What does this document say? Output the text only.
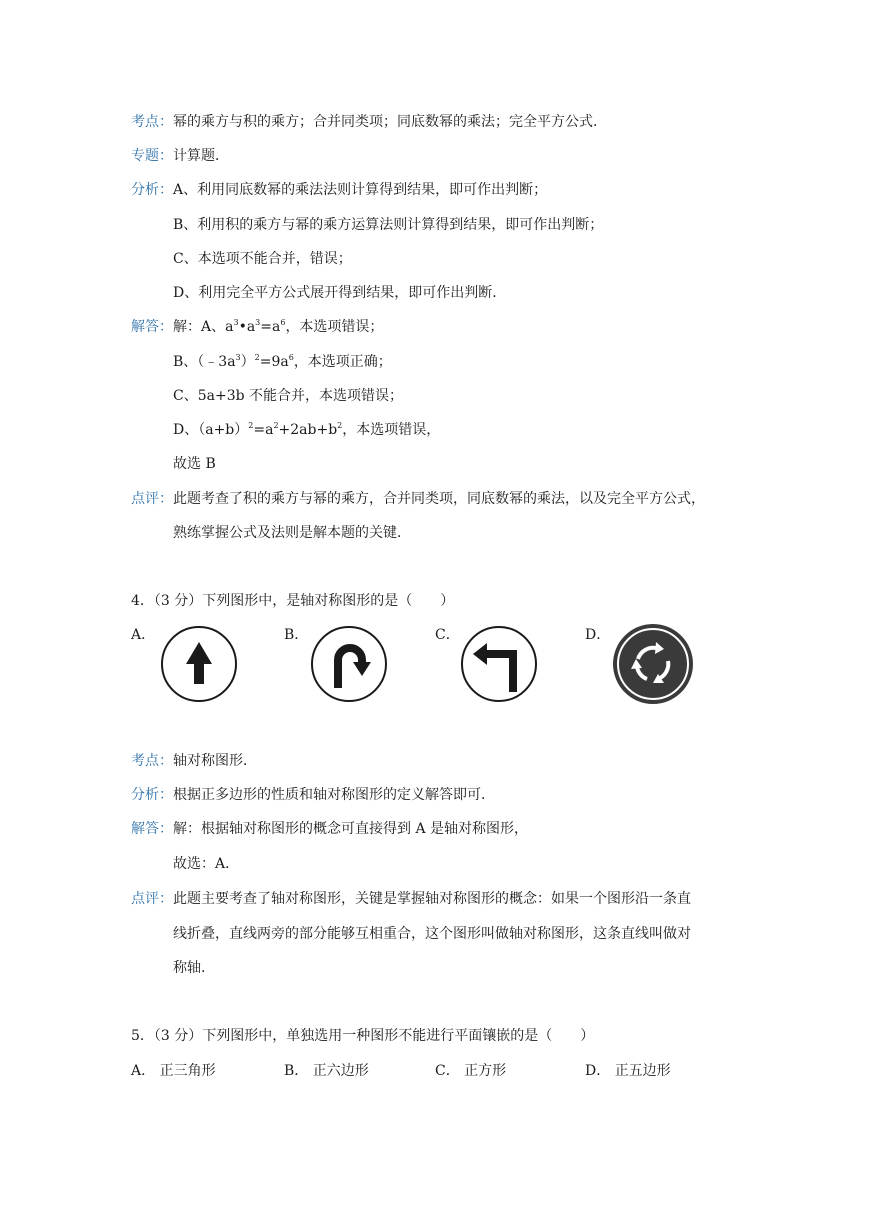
考点：幂的乘方与积的乘方；合并同类项；同底数幂的乘法；完全平方公式．
专题：计算题．
分析：A、利用同底数幂的乘法法则计算得到结果，即可作出判断；
B、利用积的乘方与幂的乘方运算法则计算得到结果，即可作出判断；
C、本选项不能合并，错误；
D、利用完全平方公式展开得到结果，即可作出判断．
解答：解：A、$a^3•a^3=a^6$，本选项错误；
B、$(﹣3a^3)^2=9a^6$，本选项正确；
C、5a+3b 不能合并，本选项错误；
D、$(a+b)^2=a^2+2ab+b^2$，本选项错误，
故选 B
点评：此题考查了积的乘方与幂的乘方，合并同类项，同底数幂的乘法，以及完全平方公式，
熟练掌握公式及法则是解本题的关键．
4．（3 分）下列图形中，是轴对称图形的是（　　）
A．	B．	C．	D．
考点：轴对称图形．
分析：根据正多边形的性质和轴对称图形的定义解答即可．
解答：解：根据轴对称图形的概念可直接得到 A 是轴对称图形，
故选：A．
点评：此题主要考查了轴对称图形，关键是掌握轴对称图形的概念：如果一个图形沿一条直
线折叠，直线两旁的部分能够互相重合，这个图形叫做轴对称图形，这条直线叫做对
称轴．
5．（3 分）下列图形中，单独选用一种图形不能进行平面镶嵌的是（　　）
A． 正三角形	B． 正六边形	C． 正方形	D． 正五边形
